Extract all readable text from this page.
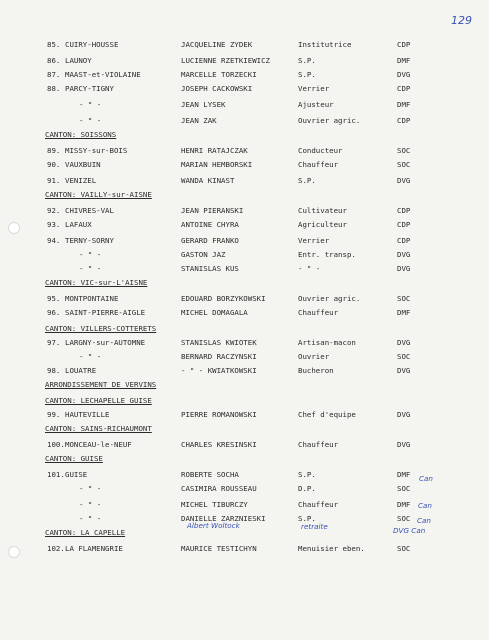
129
85. CUIRY-HOUSSE	JACQUELINE ZYDEK	Institutrice	CDP
86. LAUNOY	LUCIENNE RZETKIEWICZ	S.P.	DMF
87. MAAST-et-VIOLAINE	MARCELLE TORZECKI	S.P.	DVG
88. PARCY-TIGNY	JOSEPH CACKOWSKI	Verrier	CDP
- " -	JEAN LYSEK	Ajusteur	DMF
- " -	JEAN ZAK	Ouvrier agric.	CDP
CANTON: SOISSONS
89. MISSY-sur-BOIS	HENRI RATAJCZAK	Conducteur	SOC
90. VAUXBUIN	MARIAN HEMBORSKI	Chauffeur	SOC
91. VENIZEL	WANDA KINAST	S.P.	DVG
CANTON: VAILLY-sur-AISNE
92. CHIVRES-VAL	JEAN PIERANSKI	Cultivateur	CDP
93. LAFAUX	ANTOINE CHYRA	Agriculteur	CDP
94. TERNY-SORNY	GERARD FRANKO	Verrier	CDP
- " -	GASTON JAZ	Entr. transp.	DVG
- " -	STANISLAS KUS	- " -	DVG
CANTON: VIC-sur-L'AISNE
95. MONTPONTAINE	EDOUARD BORZYKOWSKI	Ouvrier agric.	SOC
96. SAINT-PIERRE-AIGLE	MICHEL DOMAGALA	Chauffeur	DMF
CANTON: VILLERS-COTTERETS
97. LARGNY-sur-AUTOMNE	STANISLAS KWIOTEK	Artisan-macon	DVG
- " -	BERNARD RACZYNSKI	Ouvrier	SOC
98. LOUATRE	- " - KWIATKOWSKI	Bucheron	DVG
ARRONDISSEMENT DE VERVINS
CANTON: LECHAPELLE GUISE
99. HAUTEVILLE	PIERRE ROMANOWSKI	Chef d'equipe	DVG
CANTON: SAINS-RICHAUMONT
100.MONCEAU-le-NEUF	CHARLES KRESINSKI	Chauffeur	DVG
CANTON: GUISE
101.GUISE	ROBERTE SOCHA	S.P.	DMF
- " -	CASIMIRA ROUSSEAU	D.P.	SOC
- " -	MICHEL TIBURCZY	Chauffeur	DMF
- " -	DANIELLE ZARZNIESKI	S.P.	SOC
CANTON: LA CAPELLE
102.LA FLAMENGRIE	MAURICE TESTICHYN	Menuisier eben.	SOC
Can
Can
Can
DVG Can
Albert Woltock	retraite
